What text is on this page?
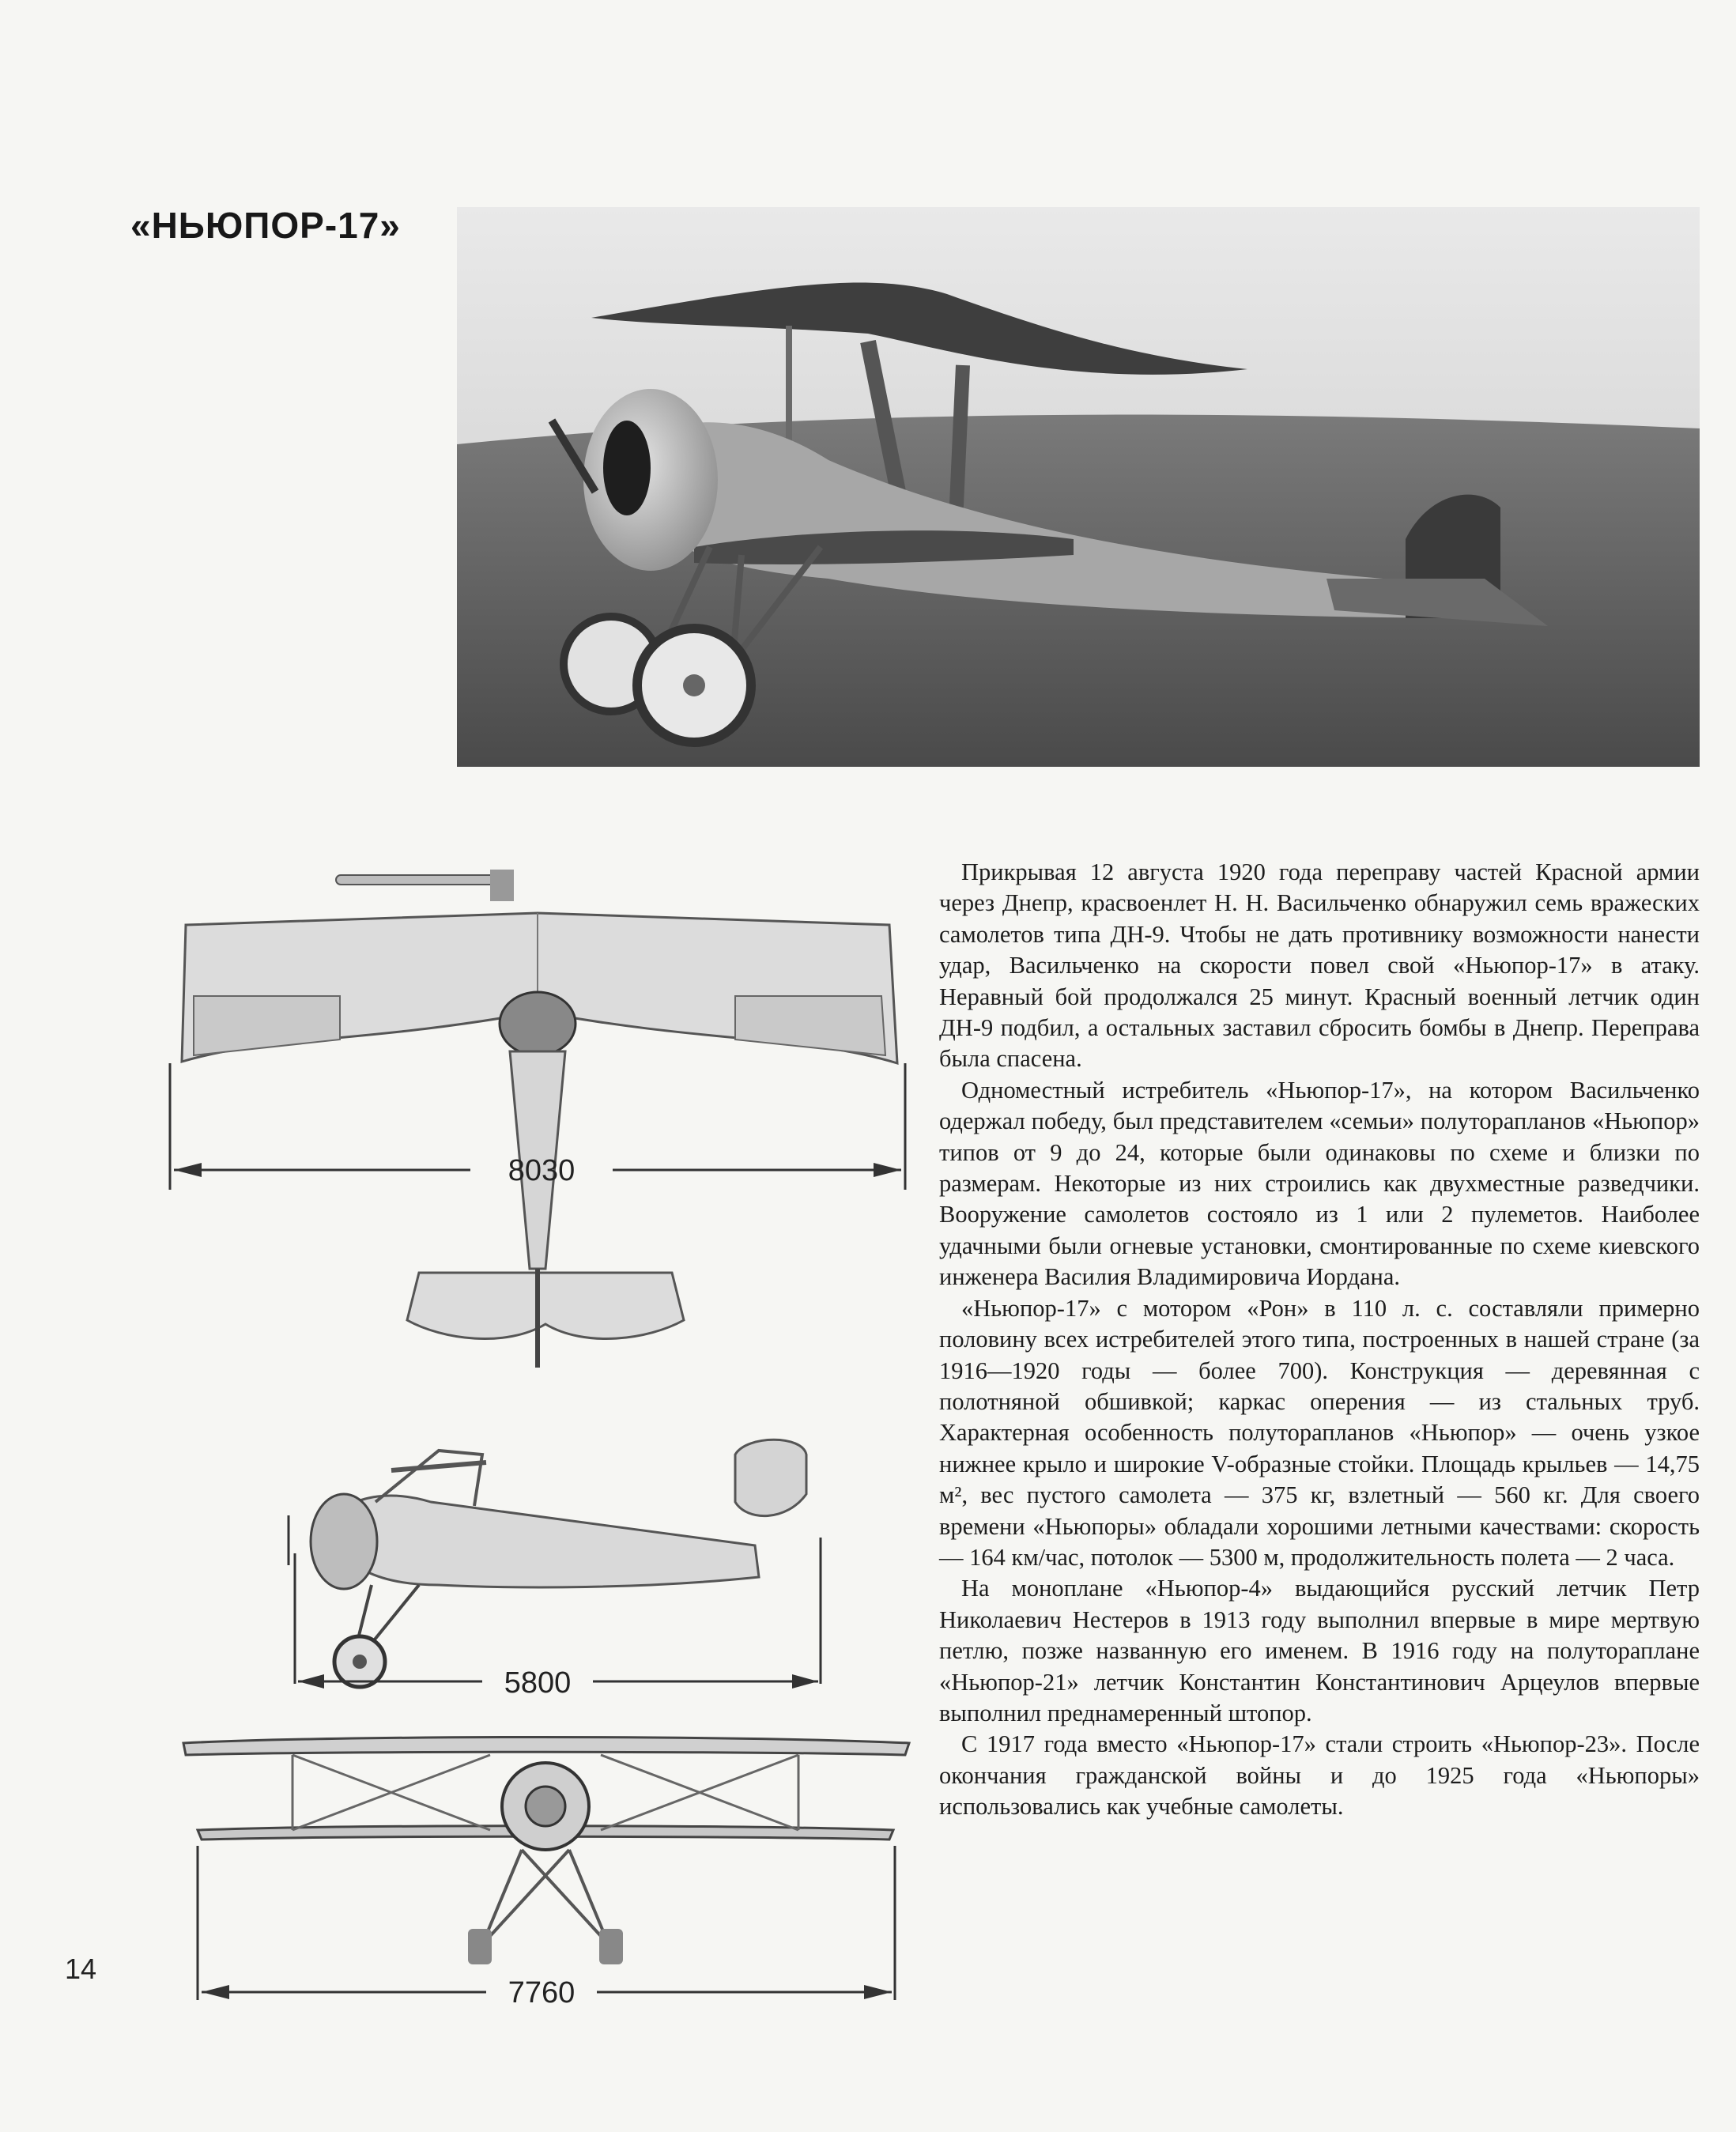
«НЬЮПОР-17»
8030
5800
7760

Прикрывая 12 августа 1920 года переправу частей Красной армии через Днепр, красвоенлет Н. Н. Васильченко обнаружил семь вражеских самолетов типа ДН-9. Чтобы не дать противнику возможности нанести удар, Васильченко на скорости повел свой «Ньюпор-17» в атаку. Неравный бой продолжался 25 минут. Красный военный летчик один ДН-9 подбил, а остальных заставил сбросить бомбы в Днепр. Переправа была спасена.

Одноместный истребитель «Ньюпор-17», на котором Васильченко одержал победу, был представителем «семьи» полуторапланов «Ньюпор» типов от 9 до 24, которые были одинаковы по схеме и близки по размерам. Некоторые из них строились как двухместные разведчики. Вооружение самолетов состояло из 1 или 2 пулеметов. Наиболее удачными были огневые установки, смонтированные по схеме киевского инженера Василия Владимировича Иордана.

«Ньюпор-17» с мотором «Рон» в 110 л. с. составляли примерно половину всех истребителей этого типа, построенных в нашей стране (за 1916—1920 годы — более 700). Конструкция — деревянная с полотняной обшивкой; каркас оперения — из стальных труб. Характерная особенность полуторапланов «Ньюпор» — очень узкое нижнее крыло и широкие V-образные стойки. Площадь крыльев — 14,75 м², вес пустого самолета — 375 кг, взлетный — 560 кг. Для своего времени «Ньюпоры» обладали хорошими летными качествами: скорость — 164 км/час, потолок — 5300 м, продолжительность полета — 2 часа.

На моноплане «Ньюпор-4» выдающийся русский летчик Петр Николаевич Нестеров в 1913 году выполнил впервые в мире мертвую петлю, позже названную его именем. В 1916 году на полутораплане «Ньюпор-21» летчик Константин Константинович Арцеулов впервые выполнил преднамеренный штопор.

С 1917 года вместо «Ньюпор-17» стали строить «Ньюпор-23». После окончания гражданской войны и до 1925 года «Ньюпоры» использовались как учебные самолеты.

14
